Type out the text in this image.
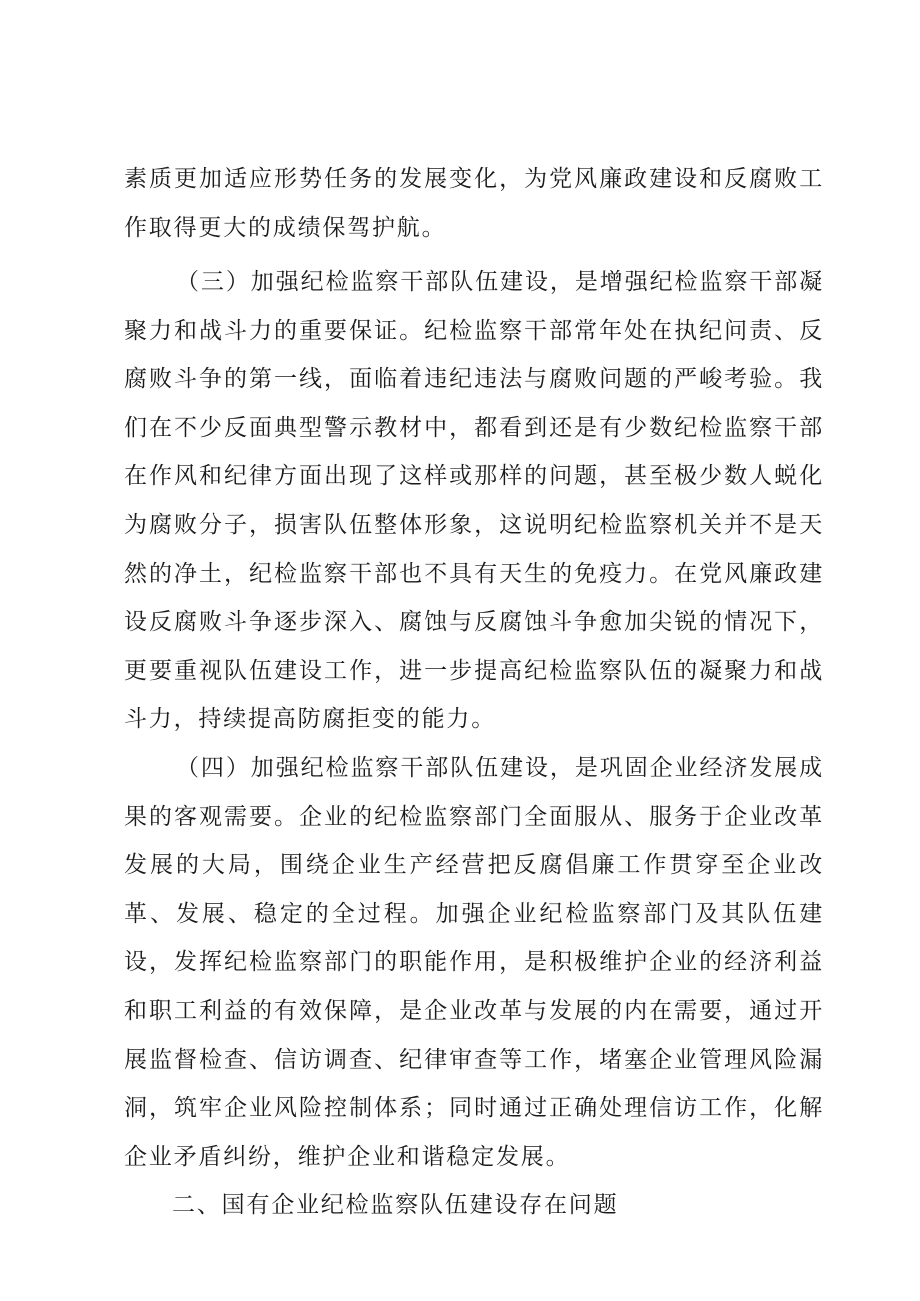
素质更加适应形势任务的发展变化，为党风廉政建设和反腐败工作取得更大的成绩保驾护航。

（三）加强纪检监察干部队伍建设，是增强纪检监察干部凝聚力和战斗力的重要保证。纪检监察干部常年处在执纪问责、反腐败斗争的第一线，面临着违纪违法与腐败问题的严峻考验。我们在不少反面典型警示教材中，都看到还是有少数纪检监察干部在作风和纪律方面出现了这样或那样的问题，甚至极少数人蜕化为腐败分子，损害队伍整体形象，这说明纪检监察机关并不是天然的净土，纪检监察干部也不具有天生的免疫力。在党风廉政建设反腐败斗争逐步深入、腐蚀与反腐蚀斗争愈加尖锐的情况下，更要重视队伍建设工作，进一步提高纪检监察队伍的凝聚力和战斗力，持续提高防腐拒变的能力。

（四）加强纪检监察干部队伍建设，是巩固企业经济发展成果的客观需要。企业的纪检监察部门全面服从、服务于企业改革发展的大局，围绕企业生产经营把反腐倡廉工作贯穿至企业改革、发展、稳定的全过程。加强企业纪检监察部门及其队伍建设，发挥纪检监察部门的职能作用，是积极维护企业的经济利益和职工利益的有效保障，是企业改革与发展的内在需要，通过开展监督检查、信访调查、纪律审查等工作，堵塞企业管理风险漏洞，筑牢企业风险控制体系；同时通过正确处理信访工作，化解企业矛盾纠纷，维护企业和谐稳定发展。

二、国有企业纪检监察队伍建设存在问题
